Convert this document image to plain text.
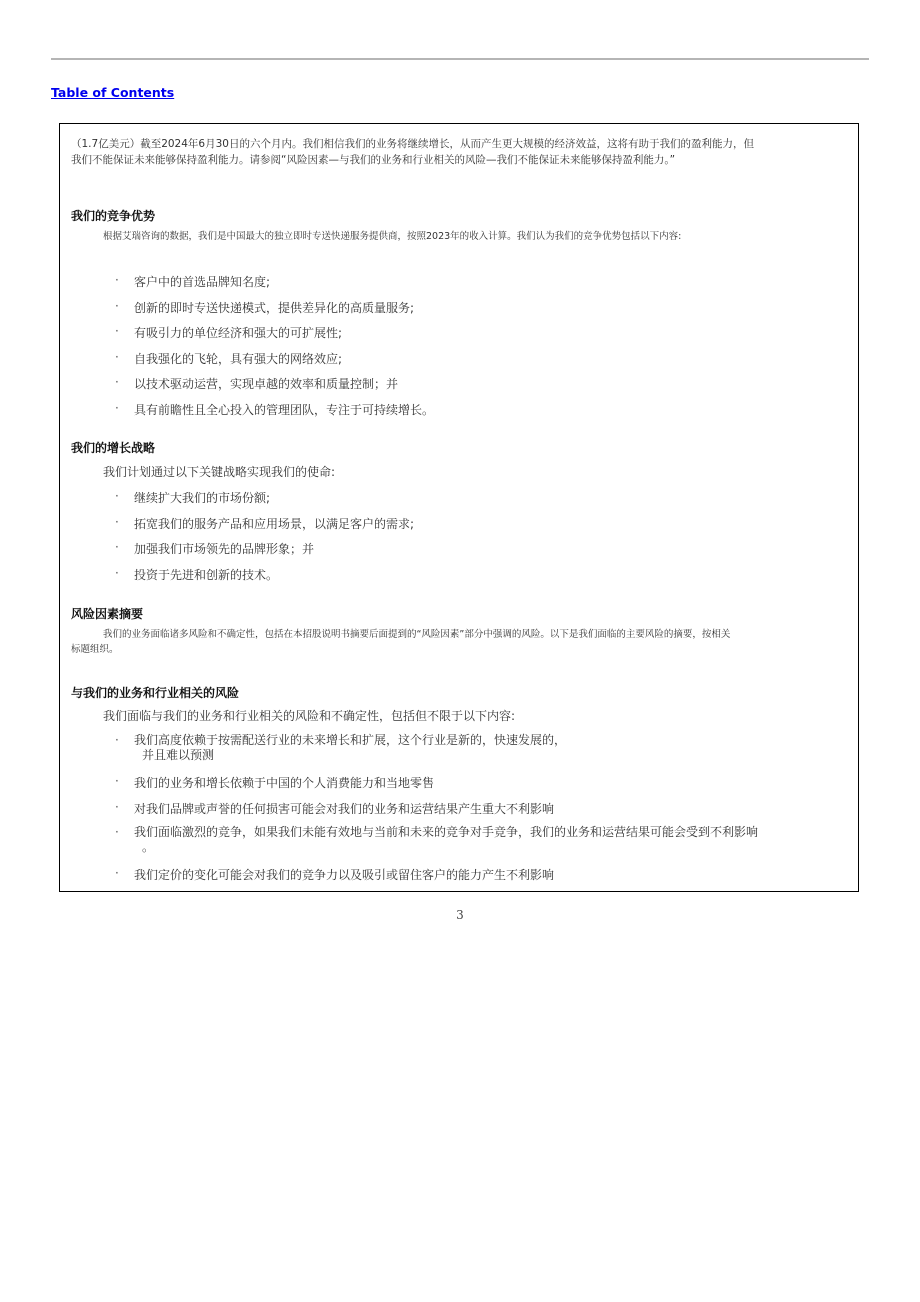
Table of Contents

（1.7亿美元）截至2024年6月30日的六个月内。我们相信我们的业务将继续增长，从而产生更大规模的经济效益，这将有助于我们的盈利能力，但
我们不能保证未来能够保持盈利能力。请参阅“风险因素—与我们的业务和行业相关的风险—我们不能保证未来能够保持盈利能力。”

我们的竞争优势
根据艾瑞咨询的数据，我们是中国最大的独立即时专送快递服务提供商，按照2023年的收入计算。我们认为我们的竞争优势包括以下内容:
· 客户中的首选品牌知名度;
· 创新的即时专送快递模式，提供差异化的高质量服务;
· 有吸引力的单位经济和强大的可扩展性;
· 自我强化的飞轮，具有强大的网络效应;
· 以技术驱动运营，实现卓越的效率和质量控制；并
· 具有前瞻性且全心投入的管理团队，专注于可持续增长。
我们的增长战略
我们计划通过以下关键战略实现我们的使命:
· 继续扩大我们的市场份额;
· 拓宽我们的服务产品和应用场景，以满足客户的需求;
· 加强我们市场领先的品牌形象；并
· 投资于先进和创新的技术。
风险因素摘要
我们的业务面临诸多风险和不确定性，包括在本招股说明书摘要后面提到的“风险因素”部分中强调的风险。以下是我们面临的主要风险的摘要，按相关
标题组织。
与我们的业务和行业相关的风险
我们面临与我们的业务和行业相关的风险和不确定性，包括但不限于以下内容:
· 我们高度依赖于按需配送行业的未来增长和扩展，这个行业是新的，快速发展的，
并且难以预测
· 我们的业务和增长依赖于中国的个人消费能力和当地零售
· 对我们品牌或声誉的任何损害可能会对我们的业务和运营结果产生重大不利影响
· 我们面临激烈的竞争，如果我们未能有效地与当前和未来的竞争对手竞争，我们的业务和运营结果可能会受到不利影响
。
· 我们定价的变化可能会对我们的竞争力以及吸引或留住客户的能力产生不利影响
3
